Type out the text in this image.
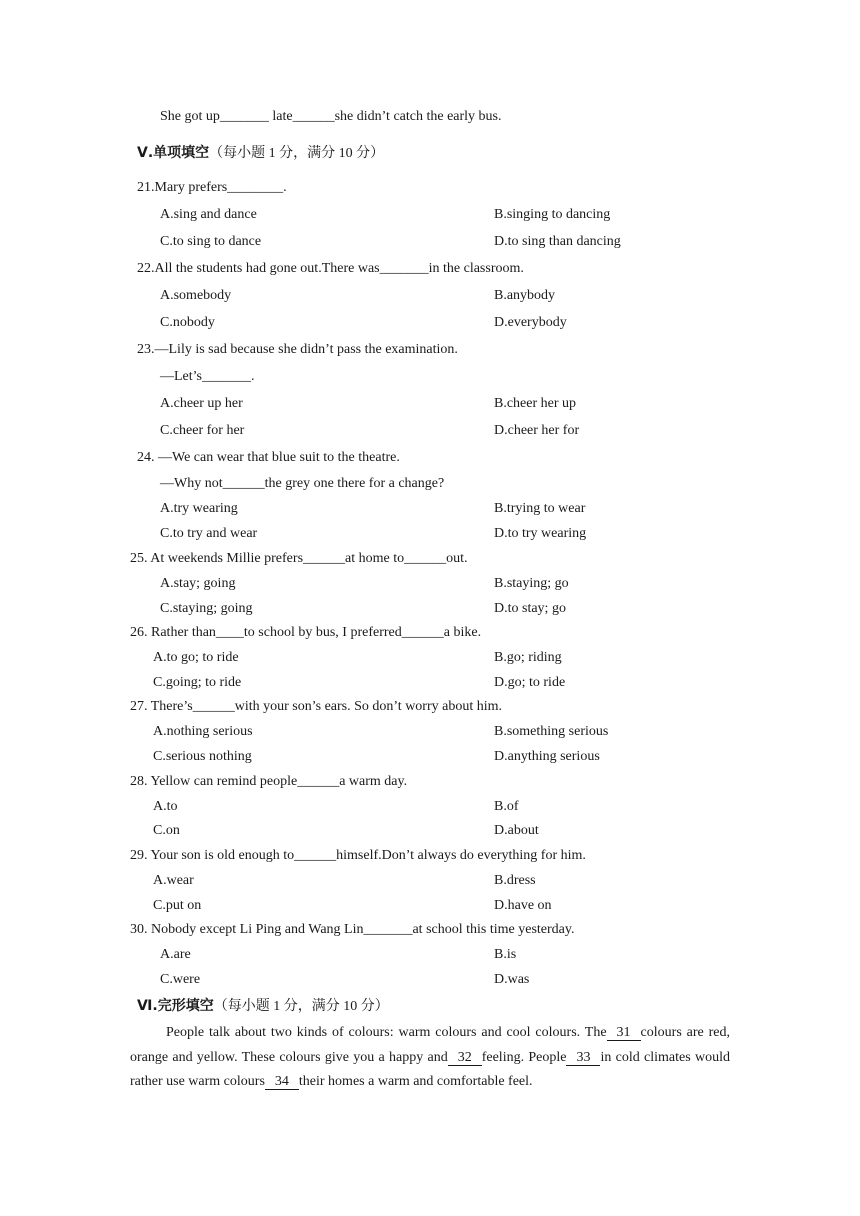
She got up_______ late______she didn’t catch the early bus.
Ⅴ.单项填空（每小题 1 分，满分 10 分）
21.Mary prefers________.
A.sing and dance	B.singing to dancing
C.to sing to dance	D.to sing than dancing
22.All the students had gone out.There was_______in the classroom.
A.somebody	B.anybody
C.nobody	D.everybody
23.—Lily is sad because she didn’t pass the examination.
—Let’s_______.
A.cheer up her	B.cheer her up
C.cheer for her	D.cheer her for
24. —We can wear that blue suit to the theatre.
—Why not______the grey one there for a change?
A.try wearing	B.trying to wear
C.to try and wear	D.to try wearing
25. At weekends Millie prefers______at home to______out.
A.stay; going	B.staying; go
C.staying; going	D.to stay; go
26. Rather than____to school by bus, I preferred______a bike.
A.to go; to ride	B.go; riding
C.going; to ride	D.go; to ride
27. There’s______with your son’s ears. So don’t worry about him.
A.nothing serious	B.something serious
C.serious nothing	D.anything serious
28. Yellow can remind people______a warm day.
A.to	B.of
C.on	D.about
29. Your son is old enough to______himself.Don’t always do everything for him.
A.wear	B.dress
C.put on	D.have on
30. Nobody except Li Ping and Wang Lin_______at school this time yesterday.
A.are	B.is
C.were	D.was
Ⅵ.完形填空（每小题 1 分，满分 10 分）
People talk about two kinds of colours: warm colours and cool colours. The 31 colours are red, orange and yellow. These colours give you a happy and 32 feeling. People 33 in cold climates would rather use warm colours 34 their homes a warm and comfortable feel.
